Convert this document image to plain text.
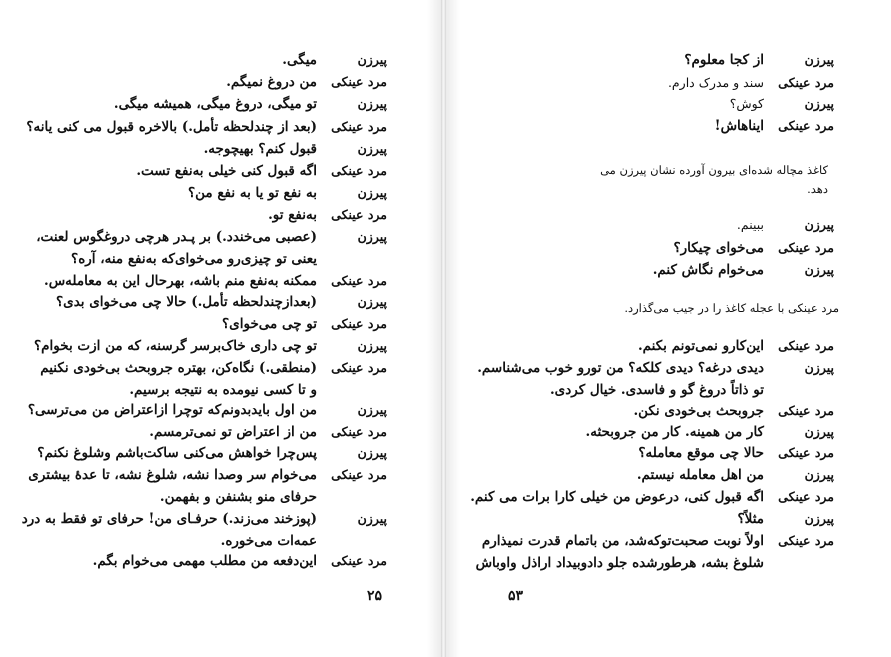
پیرزن
میگی.
مرد عینکی
من دروغ نمیگم.
پیرزن
تو میگی، دروغ میگی، همیشه میگی.
مرد عینکی
(بعد از چندلحظه تأمل.) بالاخره قبول می کنی یانه؟
پیرزن
قبول کنم؟ بهیچوجه.
مرد عینکی
اگه قبول کنی خیلی به‌نفع تست.
پیرزن
به نفع تو یا به نفع من؟
مرد عینکی
به‌نفع تو.
پیرزن
(عصبی می‌خندد.) بر پـدر هرچی دروغگوس لعنت،
یعنی تو چیزی‌رو می‌خوای‌که به‌نفع منه، آره؟
مرد عینکی
ممکنه به‌نفع منم باشه، بهرحال این به معامله‌س.
پیرزن
(بعدازچندلحظه تأمل.) حالا چی می‌خوای بدی؟
مرد عینکی
تو چی می‌خوای؟
پیرزن
تو چی داری خاک‌برسر گرسنه، که من ازت بخوام؟
مرد عینکی
(منطقی.) نگاه‌کن، بهتره جروبحث بی‌خودی نکنیم
و تا کسی نیومده به نتیجه برسیم.
پیرزن
من اول بایدبدونم‌که توچرا ازاعتراض من می‌ترسی؟
مرد عینکی
من از اعتراض تو نمی‌ترمسم.
پیرزن
پس‌چرا خواهش می‌کنی ساکت‌باشم وشلوغ نکنم؟
مرد عینکی
می‌خوام سر وصدا نشه، شلوغ نشه، تا عدهٔ بیشتری
حرفای منو بشنفن و بفهمن.
پیرزن
(پوزخند می‌زند.) حرفـای من! حرفای تو فقط به درد
عمه‌ات می‌خوره.
مرد عینکی
این‌دفعه من مطلب مهمی می‌خوام بگم.
۲۵
پیرزن
از کجا معلوم؟
مرد عینکی
سند و مدرک دارم.
پیرزن
کوش؟
مرد عینکی
ایناهاش!
کاغذ مچاله شده‌ای بیرون آورده نشان پیرزن می‌
دهد.
پیرزن
ببینم.
مرد عینکی
می‌خوای چیکار؟
پیرزن
می‌خوام نگاش کنم.
مرد عینکی با عجله کاغذ را در جیب می‌گذارد.
مرد عینکی
این‌کارو نمی‌تونم بکنم.
پیرزن
دیدی درغه؟ دیدی کلکه؟ من تورو خوب می‌شناسم.
تو ذاتاً دروغ گو و فاسدی. خیال کردی.
مرد عینکی
جروبحث بی‌خودی نکن.
پیرزن
کار من همینه. کار من جروبحثه.
مرد عینکی
حالا چی موقع معامله؟
پیرزن
من اهل معامله نیستم.
مرد عینکی
اگه قبول کنی، درعوض من خیلی کارا برات می کنم.
پیرزن
مثلاً؟
مرد عینکی
اولاً نوبت صحبت‌توکه‌شد، من باتمام قدرت نمیذارم
شلوغ بشه، هرطورشده جلو دادوبیداد اراذل واوباش
۵۳
